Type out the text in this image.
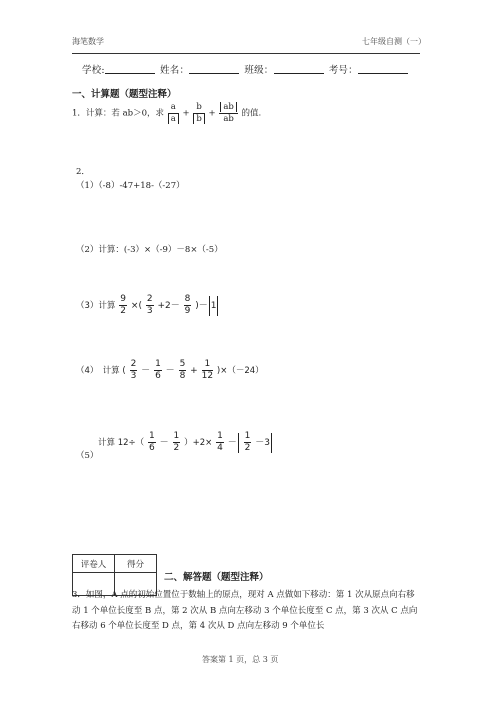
海笔数学	七年级自测（一）
学校:	姓名：	班级：	考号：
一、计算题（题型注释）
1．计算：若 ab＞0，求 $\frac{a}{a} + \frac{b}{b} + \frac{ab}{ab}$ 的值.
2．
（1）（-8）-47+18-（-27）
（2）计算：(-3）×（-9）－8×（-5）
（3）计算 $\frac{9}{2}$ ×( $\frac{2}{3} +2- \frac{8}{9}$ )－ 1
（4）　计算 ( $\frac{2}{3} - \frac{1}{6} - \frac{5}{8} + \frac{1}{12} )\times(-24)$
计算 $12\div( \frac{1}{6} - \frac{1}{2} )+2\times \frac{1}{4} - \frac{1}{2} -3$
（5）
评卷人	得分

二、解答题（题型注释）
3．如图，A 点的初始位置位于数轴上的原点，现对 A 点做如下移动：第 1 次从原点向右移动 1 个单位长度至 B 点，第 2 次从 B 点向左移动 3 个单位长度至 C 点，第 3 次从 C 点向右移动 6 个单位长度至 D 点，第 4 次从 D 点向左移动 9 个单位长
答案第 1 页，总 3 页
